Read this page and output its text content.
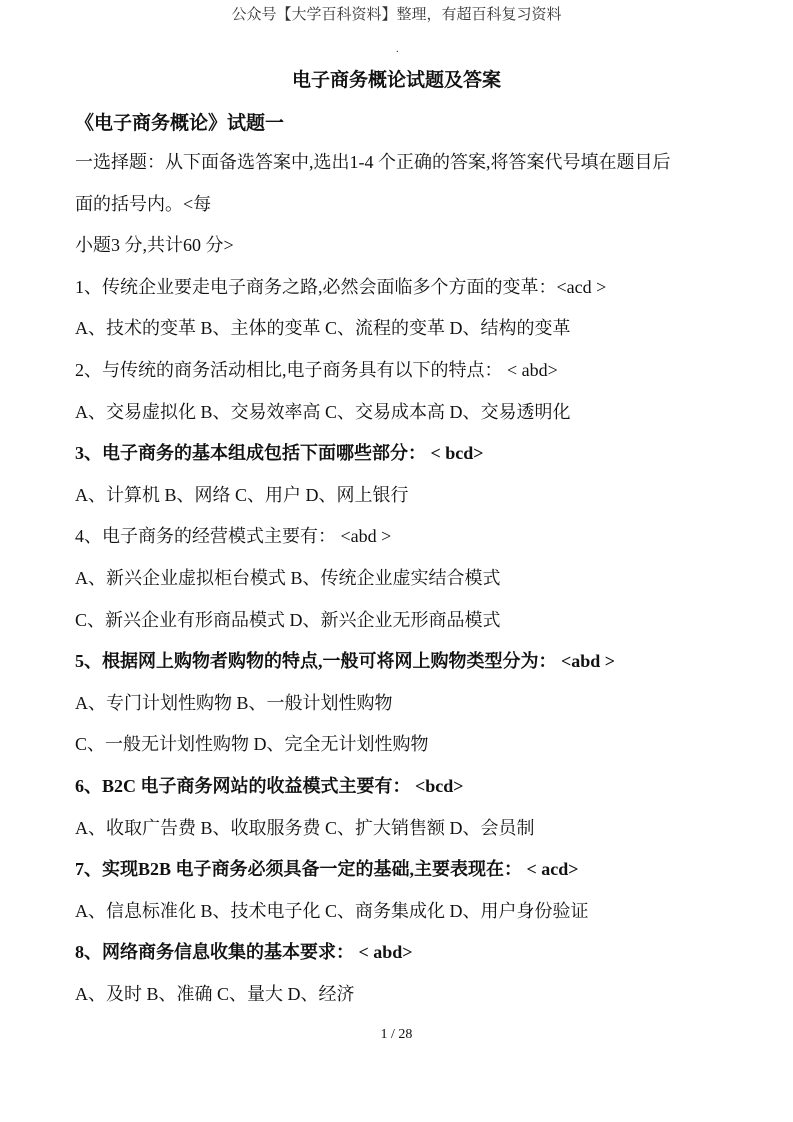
公众号【大学百科资料】整理，有超百科复习资料
.
电子商务概论试题及答案
《电子商务概论》试题一
一选择题：从下面备选答案中,选出1-4 个正确的答案,将答案代号填在题目后
面的括号内。<每
小题3 分,共计60 分>
1、传统企业要走电子商务之路,必然会面临多个方面的变革：<acd >
A、技术的变革 B、主体的变革 C、流程的变革 D、结构的变革
2、与传统的商务活动相比,电子商务具有以下的特点： < abd>
A、交易虚拟化 B、交易效率高 C、交易成本高 D、交易透明化
3、电子商务的基本组成包括下面哪些部分： < bcd>
A、计算机 B、网络 C、用户 D、网上银行
4、电子商务的经营模式主要有： <abd >
A、新兴企业虚拟柜台模式 B、传统企业虚实结合模式
C、新兴企业有形商品模式 D、新兴企业无形商品模式
5、根据网上购物者购物的特点,一般可将网上购物类型分为： <abd >
A、专门计划性购物 B、一般计划性购物
C、一般无计划性购物 D、完全无计划性购物
6、B2C 电子商务网站的收益模式主要有： <bcd>
A、收取广告费 B、收取服务费 C、扩大销售额 D、会员制
7、实现B2B 电子商务必须具备一定的基础,主要表现在： < acd>
A、信息标准化 B、技术电子化 C、商务集成化 D、用户身份验证
8、网络商务信息收集的基本要求： < abd>
A、及时 B、准确 C、量大 D、经济
1 / 28
